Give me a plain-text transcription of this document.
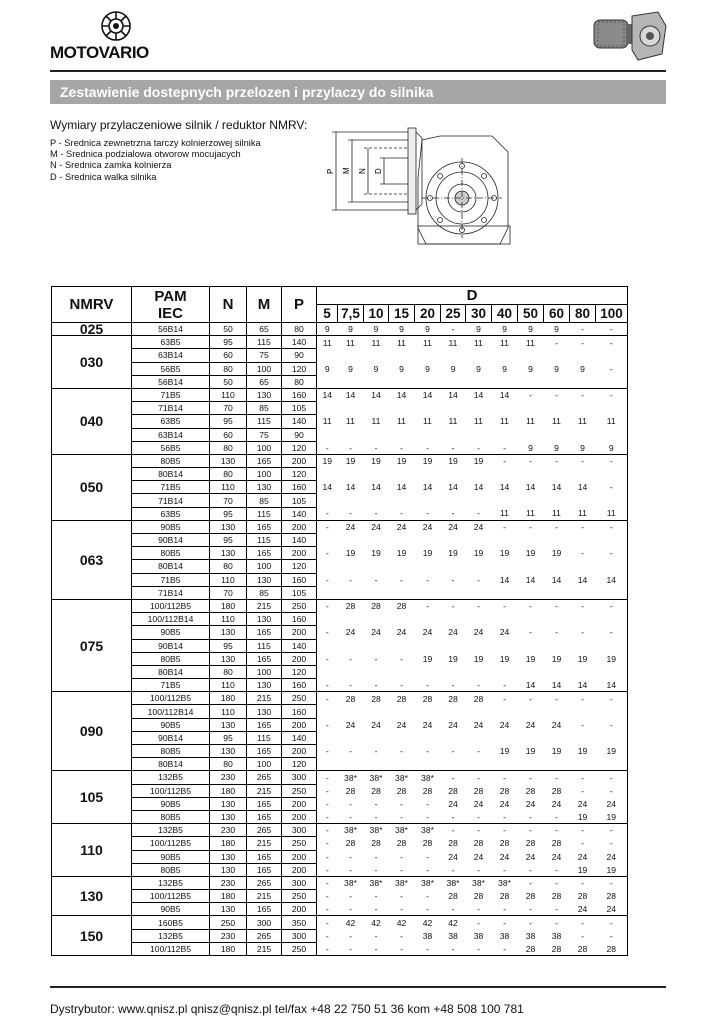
MOTOVARIO
Zestawienie dostepnych przelozen i przylaczy do silnika
Wymiary przylaczeniowe silnik / reduktor NMRV:
P - Srednica zewnetrzna tarczy kolnierzowej silnika
M - Srednica podzialowa otworow mocujacych
N - Srednica zamka kolnierza
D - Srednica walka silnika
P M N D
NMRV	PAM
IEC	N	M	P	D											
					5	7,5	10	15	20	25	30	40	50	60	80	100
025	56B14	50	65	80	9	9	9	9	9	-	9	9	9	9	-	-
030	63B5	95	115	140	11	11	11	11	11	11	11	11	11	-	-	-
	63B14	60	75	90												
	56B5	80	100	120	9	9	9	9	9	9	9	9	9	9	9	-
	56B14	50	65	80												
040	71B5	110	130	160	14	14	14	14	14	14	14	14	-	-	-	-
	71B14	70	85	105												
	63B5	95	115	140	11	11	11	11	11	11	11	11	11	11	11	11
	63B14	60	75	90												
	56B5	80	100	120	-	-	-	-	-	-	-	-	9	9	9	9
050	80B5	130	165	200	19	19	19	19	19	19	19	-	-	-	-	-
	80B14	80	100	120												
	71B5	110	130	160	14	14	14	14	14	14	14	14	14	14	14	-
	71B14	70	85	105												
	63B5	95	115	140	-	-	-	-	-	-	-	11	11	11	11	11
063	90B5	130	165	200	-	24	24	24	24	24	24	-	-	-	-	-
	90B14	95	115	140												
	80B5	130	165	200	-	19	19	19	19	19	19	19	19	19	-	-
	80B14	80	100	120												
	71B5	110	130	160	-	-	-	-	-	-	-	14	14	14	14	14
	71B14	70	85	105												
075	100/112B5	180	215	250	-	28	28	28	-	-	-	-	-	-	-	-
	100/112B14	110	130	160												
	90B5	130	165	200	-	24	24	24	24	24	24	24	-	-	-	-
	90B14	95	115	140												
	80B5	130	165	200	-	-	-	-	19	19	19	19	19	19	19	19
	80B14	80	100	120												
	71B5	110	130	160	-	-	-	-	-	-	-	-	14	14	14	14
090	100/112B5	180	215	250	-	28	28	28	28	28	28	-	-	-	-	-
	100/112B14	110	130	160												
	90B5	130	165	200	-	24	24	24	24	24	24	24	24	24	-	-
	90B14	95	115	140												
	80B5	130	165	200	-	-	-	-	-	-	-	19	19	19	19	19
	80B14	80	100	120												
105	132B5	230	265	300	-	38*	38*	38*	38*	-	-	-	-	-	-	-
	100/112B5	180	215	250	-	28	28	28	28	28	28	28	28	28	-	-
	90B5	130	165	200	-	-	-	-	-	24	24	24	24	24	24	24
	80B5	130	165	200	-	-	-	-	-	-	-	-	-	-	19	19
110	132B5	230	265	300	-	38*	38*	38*	38*	-	-	-	-	-	-	-
	100/112B5	180	215	250	-	28	28	28	28	28	28	28	28	28	-	-
	90B5	130	165	200	-	-	-	-	-	24	24	24	24	24	24	24
	80B5	130	165	200	-	-	-	-	-	-	-	-	-	-	19	19
130	132B5	230	265	300	-	38*	38*	38*	38*	38*	38*	38*	-	-	-	-
	100/112B5	180	215	250	-	-	-	-	-	28	28	28	28	28	28	28
	90B5	130	165	200	-	-	-	-	-	-	-	-	-	-	24	24
150	160B5	250	300	350	-	42	42	42	42	42	-	-	-	-	-	-
	132B5	230	265	300	-	-	-	-	38	38	38	38	38	38	-	-
	100/112B5	180	215	250	-	-	-	-	-	-	-	-	28	28	28	28
Dystrybutor: www.qnisz.pl qnisz@qnisz.pl tel/fax +48 22 750 51 36 kom +48 508 100 781
